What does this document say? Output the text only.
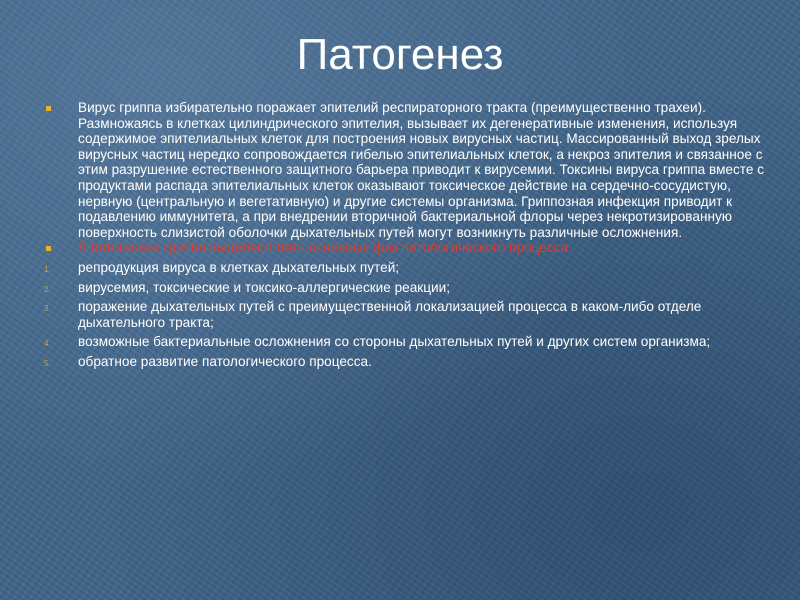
Патогенез
Вирус гриппа избирательно поражает эпителий респираторного тракта (преимущественно трахеи). Размножаясь в клетках цилиндрического эпителия, вызывает их дегенеративные изменения, используя содержимое эпителиальных клеток для построения новых вирусных частиц. Массированный выход зрелых вирусных частиц нередко сопровождается гибелью эпителиальных клеток, а некроз эпителия и связанное с этим разрушение естественного защитного барьера приводит к вирусемии. Токсины вируса гриппа вместе с продуктами распада эпителиальных клеток оказывают токсическое действие на сердечно-сосудистую, нервную (центральную и вегетативную) и другие системы организма. Гриппозная инфекция приводит к подавлению иммунитета, а при внедрении вторичной бактериальной флоры через некротизированную поверхность слизистой оболочки дыхательных путей могут возникнуть различные осложнения.
В патогенезе гриппа выделяют пять основных фаз патологического процесса:
1.	репродукция вируса в клетках дыхательных путей;
2.	вирусемия, токсические и токсико-аллергические реакции;
3.	поражение дыхательных путей с преимущественной локализацией процесса в каком-либо отделе дыхательного тракта;
4.	возможные бактериальные осложнения со стороны дыхательных путей и других систем организма;
5.	обратное развитие патологического процесса.
